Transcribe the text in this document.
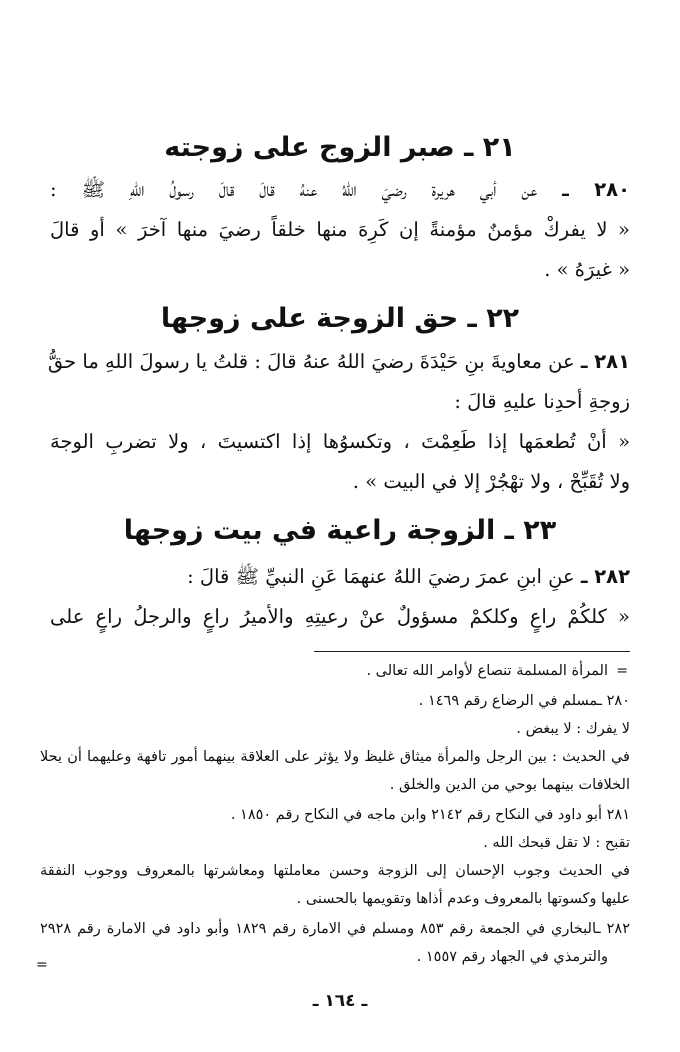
٢١ ـ صبر الزوج على زوجته
٢٨٠ ـ عن أبي هريرة رضيَ اللهُ عنهُ قالَ قالَ رسولُ اللهِ ﷺ :
« لا يفركْ مؤمنٌ مؤمنةً إن كَرِهَ منها خلقاً رضيَ منها آخرَ » أو قالَ
« غيرَهُ » .
٢٢ ـ حق الزوجة على زوجها
٢٨١ ـ عن معاويةَ بنِ حَيْدَةَ رضيَ اللهُ عنهُ قالَ : قلتُ يا رسولَ اللهِ ما حقُّ
زوجةِ أحدِنا عليهِ قالَ :
« أنْ تُطعمَها إذا طَعِمْتَ ، وتكسوُها إذا اكتسيتَ ، ولا تضربِ الوجهَ
ولا تُقَبِّحْ ، ولا تهْجُرْ إلا في البيت » .
٢٣ ـ الزوجة راعية في بيت زوجها
٢٨٢ ـ عنِ ابنِ عمرَ رضيَ اللهُ عنهمَا عَنِ النبيِّ ﷺ قالَ :
« كلكُمْ راعٍ وكلكمْ مسؤولٌ عنْ رعيتِهِ والأميرُ راعٍ والرجلُ راعٍ على
=
المرأة المسلمة تنصاع لأوامر الله تعالى .
٢٨٠ ـمسلم في الرضاع رقم ١٤٦٩ .
لا يفرك : لا يبغض .
في الحديث : بين الرجل والمرأة ميثاق غليظ ولا يؤثر على العلاقة بينهما أمور تافهة وعليهما أن يحلا
الخلافات بينهما بوحي من الدين والخلق .
٢٨١ أبو داود في النكاح رقم ٢١٤٢ وابن ماجه في النكاح رقم ١٨٥٠ .
تقبح : لا تقل قبحك الله .
في الحديث وجوب الإحسان إلى الزوجة وحسن معاملتها ومعاشرتها بالمعروف ووجوب النفقة
عليها وكسوتها بالمعروف وعدم أذاها وتقويمها بالحسنى .
٢٨٢ ـالبخاري في الجمعة رقم ٨٥٣ ومسلم في الامارة رقم ١٨٢٩ وأبو داود في الامارة رقم ٢٩٢٨
والترمذي في الجهاد رقم ١٥٥٧ .
=
ـ ١٦٤ ـ
